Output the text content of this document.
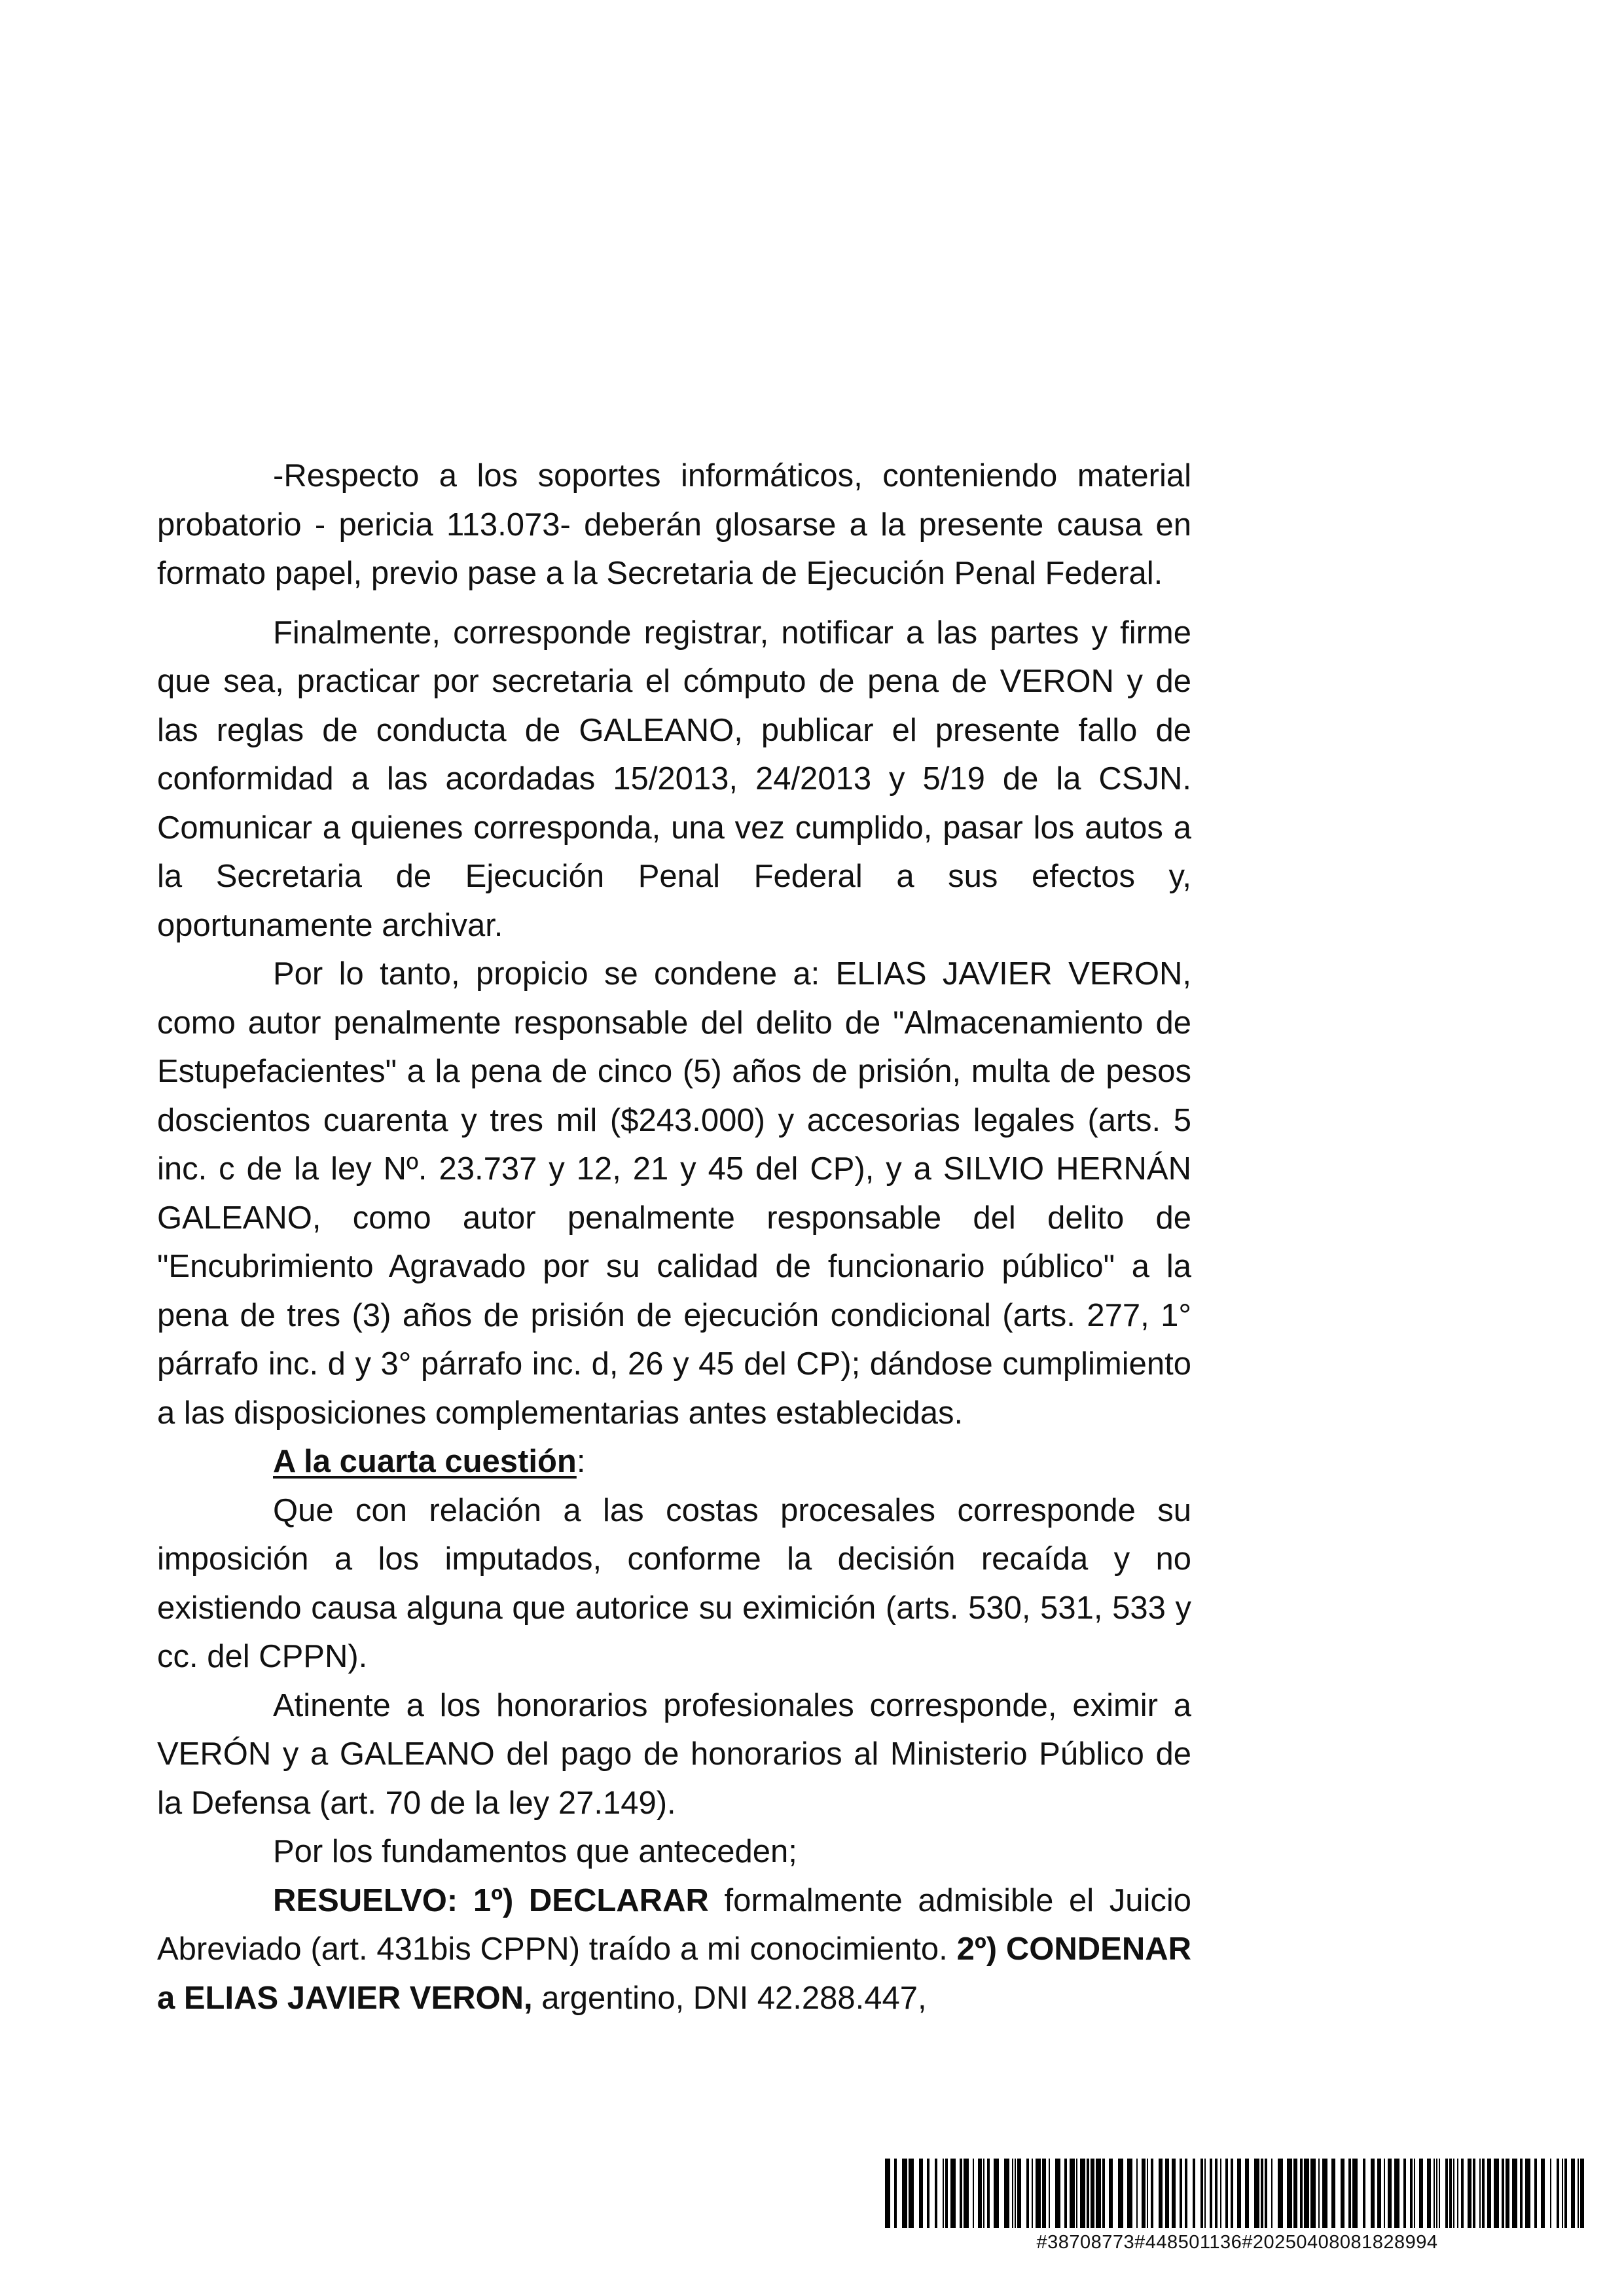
-Respecto a los soportes informáticos, conteniendo material probatorio - pericia 113.073- deberán glosarse a la presente causa en formato papel, previo pase a la Secretaria de Ejecución Penal Federal.

Finalmente, corresponde registrar, notificar a las partes y firme que sea, practicar por secretaria el cómputo de pena de VERON y de las reglas de conducta de GALEANO, publicar el presente fallo de conformidad a las acordadas 15/2013, 24/2013 y 5/19 de la CSJN. Comunicar a quienes corresponda, una vez cumplido, pasar los autos a la Secretaria de Ejecución Penal Federal a sus efectos y, oportunamente archivar.

Por lo tanto, propicio se condene a: ELIAS JAVIER VERON, como autor penalmente responsable del delito de "Almacenamiento de Estupefacientes" a la pena de cinco (5) años de prisión, multa de pesos doscientos cuarenta y tres mil ($243.000) y accesorias legales (arts. 5 inc. c de la ley Nº. 23.737 y 12, 21 y 45 del CP), y a SILVIO HERNÁN GALEANO, como autor penalmente responsable del delito de "Encubrimiento Agravado por su calidad de funcionario público" a la pena de tres (3) años de prisión de ejecución condicional (arts. 277, 1° párrafo inc. d y 3° párrafo inc. d, 26 y 45 del CP); dándose cumplimiento a las disposiciones complementarias antes establecidas.

A la cuarta cuestión:

Que con relación a las costas procesales corresponde su imposición a los imputados, conforme la decisión recaída y no existiendo causa alguna que autorice su eximición (arts. 530, 531, 533 y cc. del CPPN).

Atinente a los honorarios profesionales corresponde, eximir a VERÓN y a GALEANO del pago de honorarios al Ministerio Público de la Defensa (art. 70 de la ley 27.149).

Por los fundamentos que anteceden;

RESUELVO: 1º) DECLARAR formalmente admisible el Juicio Abreviado (art. 431bis CPPN) traído a mi conocimiento. 2º) CONDENAR a ELIAS JAVIER VERON, argentino, DNI 42.288.447,

#38708773#448501136#20250408081828994
